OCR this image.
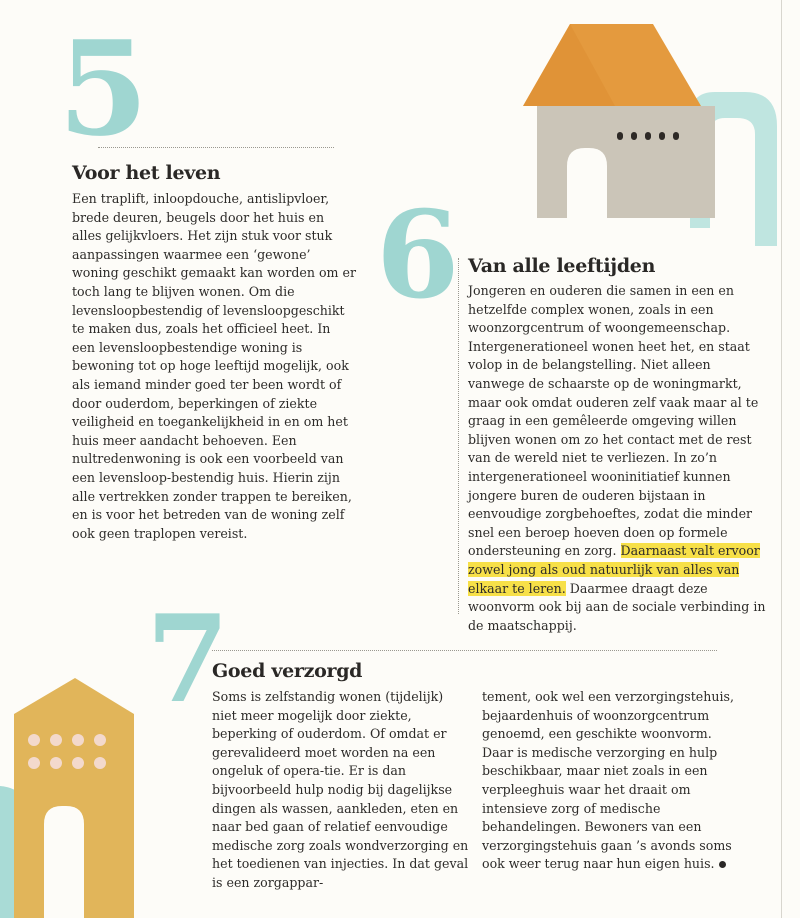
5
Voor het leven

Een traplift, inloopdouche, antislipvloer, brede deuren, beugels door het huis en alles gelijkvloers. Het zijn stuk voor stuk aanpassingen waarmee een ‘gewone’ woning geschikt gemaakt kan worden om er toch lang te blijven wonen. Om die levensloopbestendig of levensloopgeschikt te maken dus, zoals het officieel heet. In een levensloopbestendige woning is bewoning tot op hoge leeftijd mogelijk, ook als iemand minder goed ter been wordt of door ouderdom, beperkingen of ziekte veiligheid en toegankelijkheid in en om het huis meer aandacht behoeven. Een nultredenwoning is ook een voorbeeld van een levensloop-bestendig huis. Hierin zijn alle vertrekken zonder trappen te bereiken, en is voor het betreden van de woning zelf ook geen traplopen vereist.

6 Van alle leeftijden

Jongeren en ouderen die samen in een en hetzelfde complex wonen, zoals in een woonzorgcentrum of woongemeenschap. Intergenerationeel wonen heet het, en staat volop in de belangstelling. Niet alleen vanwege de schaarste op de woningmarkt, maar ook omdat ouderen zelf vaak maar al te graag in een gemêleerde omgeving willen blijven wonen om zo het contact met de rest van de wereld niet te verliezen. In zo’n intergenerationeel wooninitiatief kunnen jongere buren de ouderen bijstaan in eenvoudige zorgbehoeftes, zodat die minder snel een beroep hoeven doen op formele ondersteuning en zorg. Daarnaast valt ervoor zowel jong als oud natuurlijk van alles van elkaar te leren. Daarmee draagt deze woonvorm ook bij aan de sociale verbinding in de maatschappij.

7
Goed verzorgd

Soms is zelfstandig wonen (tijdelijk) niet meer mogelijk door ziekte, beperking of ouderdom. Of omdat er gerevalideerd moet worden na een ongeluk of opera-tie. Er is dan bijvoorbeeld hulp nodig bij dagelijkse dingen als wassen, aankleden, eten en naar bed gaan of relatief eenvoudige medische zorg zoals wondverzorging en het toedienen van injecties. In dat geval is een zorgappar-

tement, ook wel een verzorgingstehuis, bejaardenhuis of woonzorgcentrum genoemd, een geschikte woonvorm. Daar is medische verzorging en hulp beschikbaar, maar niet zoals in een verpleeghuis waar het draait om intensieve zorg of medische behandelingen. Bewoners van een verzorgingstehuis gaan ’s avonds soms ook weer terug naar hun eigen huis.
